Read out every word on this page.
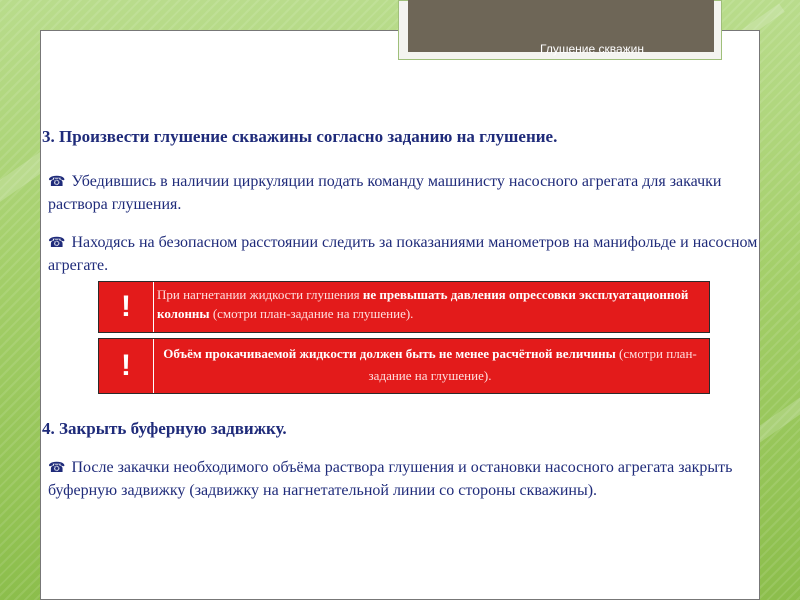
Глушение скважин
3. Произвести глушение скважины согласно заданию на глушение.
☎ Убедившись в наличии циркуляции подать команду машинисту насосного агрегата для закачки раствора глушения.
☎ Находясь на безопасном расстоянии следить за показаниями манометров на манифольде и насосном агрегате.
!	При нагнетании жидкости глушения не превышать давления опрессовки эксплуатационной колонны (смотри план-задание на глушение).
!	Объём прокачиваемой жидкости должен быть не менее расчётной величины (смотри план-задание на глушение).
4. Закрыть буферную задвижку.
☎ После закачки необходимого объёма раствора глушения и остановки насосного агрегата закрыть буферную задвижку (задвижку на нагнетательной линии со стороны скважины).
